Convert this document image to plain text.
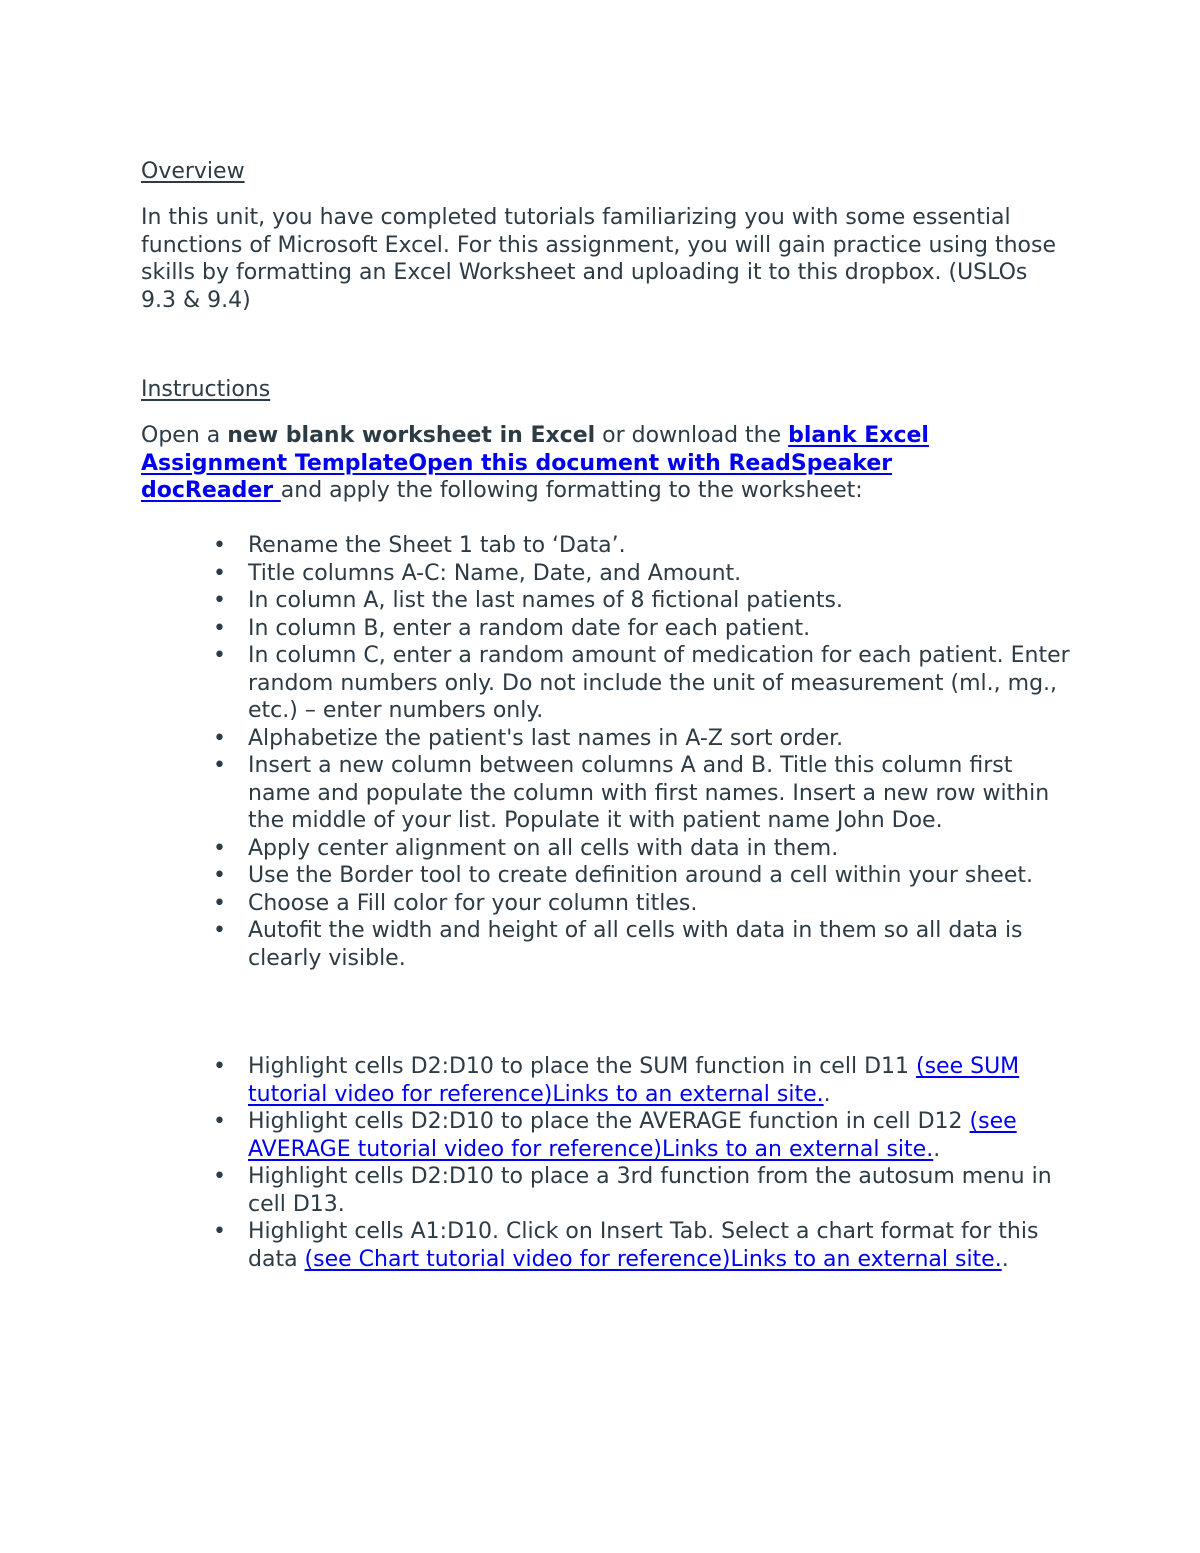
Overview

In this unit, you have completed tutorials familiarizing you with some essential functions of Microsoft Excel. For this assignment, you will gain practice using those skills by formatting an Excel Worksheet and uploading it to this dropbox. (USLOs 9.3 & 9.4)

Instructions

Open a new blank worksheet in Excel or download the blank Excel Assignment TemplateOpen this document with ReadSpeaker docReader and apply the following formatting to the worksheet:

• Rename the Sheet 1 tab to ‘Data’.
• Title columns A-C: Name, Date, and Amount.
• In column A, list the last names of 8 fictional patients.
• In column B, enter a random date for each patient.
• In column C, enter a random amount of medication for each patient. Enter random numbers only. Do not include the unit of measurement (ml., mg., etc.) – enter numbers only.
• Alphabetize the patient's last names in A-Z sort order.
• Insert a new column between columns A and B. Title this column first name and populate the column with first names. Insert a new row within the middle of your list. Populate it with patient name John Doe.
• Apply center alignment on all cells with data in them.
• Use the Border tool to create definition around a cell within your sheet.
• Choose a Fill color for your column titles.
• Autofit the width and height of all cells with data in them so all data is clearly visible.
• Highlight cells D2:D10 to place the SUM function in cell D11 (see SUM tutorial video for reference)Links to an external site..
• Highlight cells D2:D10 to place the AVERAGE function in cell D12 (see AVERAGE tutorial video for reference)Links to an external site..
• Highlight cells D2:D10 to place a 3rd function from the autosum menu in cell D13.
• Highlight cells A1:D10. Click on Insert Tab. Select a chart format for this data (see Chart tutorial video for reference)Links to an external site..
